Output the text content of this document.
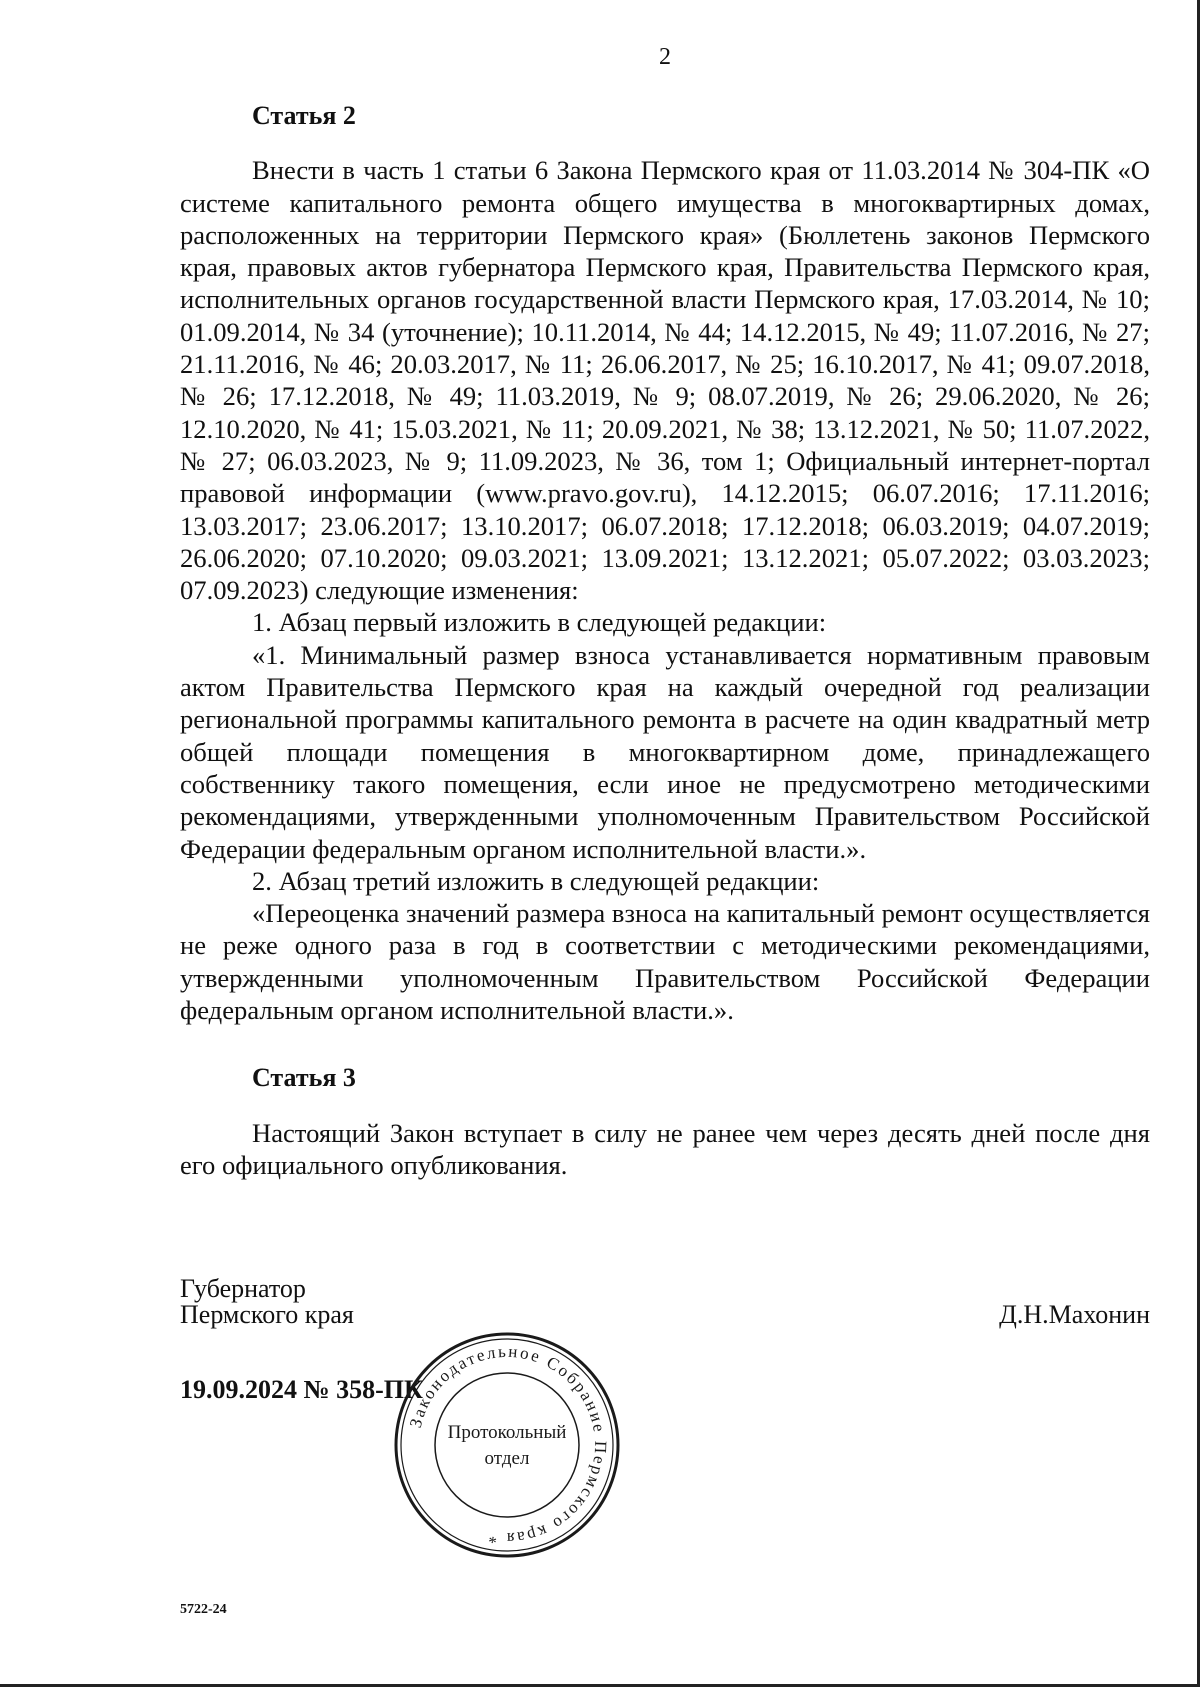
2
Статья 2

Внести в часть 1 статьи 6 Закона Пермского края от 11.03.2014 № 304-ПК «О системе капитального ремонта общего имущества в многоквартирных домах, расположенных на территории Пермского края» (Бюллетень законов Пермского края, правовых актов губернатора Пермского края, Правительства Пермского края, исполнительных органов государственной власти Пермского края, 17.03.2014, № 10; 01.09.2014, № 34 (уточнение); 10.11.2014, № 44; 14.12.2015, № 49; 11.07.2016, № 27; 21.11.2016, № 46; 20.03.2017, № 11; 26.06.2017, № 25; 16.10.2017, № 41; 09.07.2018, № 26; 17.12.2018, № 49; 11.03.2019, № 9; 08.07.2019, № 26; 29.06.2020, № 26; 12.10.2020, № 41; 15.03.2021, № 11; 20.09.2021, № 38; 13.12.2021, № 50; 11.07.2022, № 27; 06.03.2023, № 9; 11.09.2023, № 36, том 1; Официальный интернет-портал правовой информации (www.pravo.gov.ru), 14.12.2015; 06.07.2016; 17.11.2016; 13.03.2017; 23.06.2017; 13.10.2017; 06.07.2018; 17.12.2018; 06.03.2019; 04.07.2019; 26.06.2020; 07.10.2020; 09.03.2021; 13.09.2021; 13.12.2021; 05.07.2022; 03.03.2023; 07.09.2023) следующие изменения:

1. Абзац первый изложить в следующей редакции:

«1. Минимальный размер взноса устанавливается нормативным правовым актом Правительства Пермского края на каждый очередной год реализации региональной программы капитального ремонта в расчете на один квадратный метр общей площади помещения в многоквартирном доме, принадлежащего собственнику такого помещения, если иное не предусмотрено методическими рекомендациями, утвержденными уполномоченным Правительством Российской Федерации федеральным органом исполнительной власти.».

2. Абзац третий изложить в следующей редакции:

«Переоценка значений размера взноса на капитальный ремонт осуществляется не реже одного раза в год в соответствии с методическими рекомендациями, утвержденными уполномоченным Правительством Российской Федерации федеральным органом исполнительной власти.».

Статья 3

Настоящий Закон вступает в силу не ранее чем через десять дней после дня его официального опубликования.

Губернатор
Пермского края	Д.Н.Махонин
19.09.2024 № 358-ПК
Законодательное Собрание Пермского края *
Протокольный
отдел
5722-24
